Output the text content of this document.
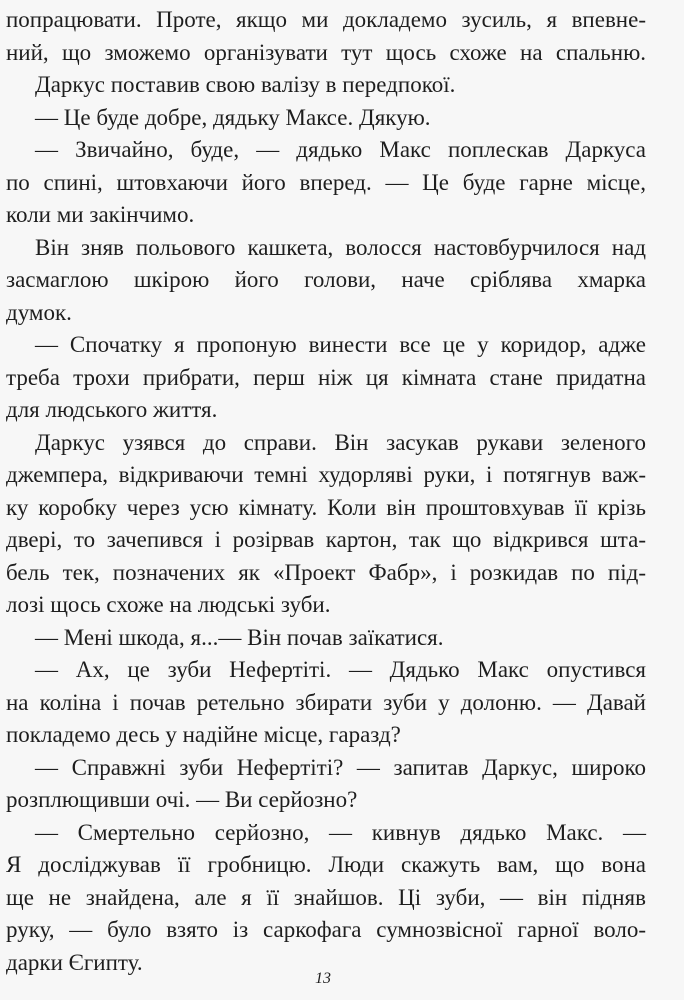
попрацювати. Проте, якщо ми докладемо зусиль, я впевне-
ний, що зможемо організувати тут щось схоже на спальню.
Даркус поставив свою валізу в передпокої.
— Це буде добре, дядьку Максе. Дякую.
— Звичайно, буде, — дядько Макс поплескав Даркуса
по спині, штовхаючи його вперед. — Це буде гарне місце,
коли ми закінчимо.
Він зняв польового кашкета, волосся настовбурчилося над
засмаглою шкірою його голови, наче сріблява хмарка
думок.
— Спочатку я пропоную винести все це у коридор, адже
треба трохи прибрати, перш ніж ця кімната стане придатна
для людського життя.
Даркус узявся до справи. Він засукав рукави зеленого
джемпера, відкриваючи темні худорляві руки, і потягнув важ-
ку коробку через усю кімнату. Коли він проштовхував її крізь
двері, то зачепився і розірвав картон, так що відкрився шта-
бель тек, позначених як «Проект Фабр», і розкидав по під-
лозі щось схоже на людські зуби.
— Мені шкода, я...— Він почав заїкатися.
— Ах, це зуби Нефертіті. — Дядько Макс опустився
на коліна і почав ретельно збирати зуби у долоню. — Давай
покладемо десь у надійне місце, гаразд?
— Справжні зуби Нефертіті? — запитав Даркус, широко
розплющивши очі. — Ви серйозно?
— Смертельно серйозно, — кивнув дядько Макс. —
Я досліджував її гробницю. Люди скажуть вам, що вона
ще не знайдена, але я її знайшов. Ці зуби, — він підняв
руку, — було взято із саркофага сумнозвісної гарної воло-
дарки Єгипту.
13
